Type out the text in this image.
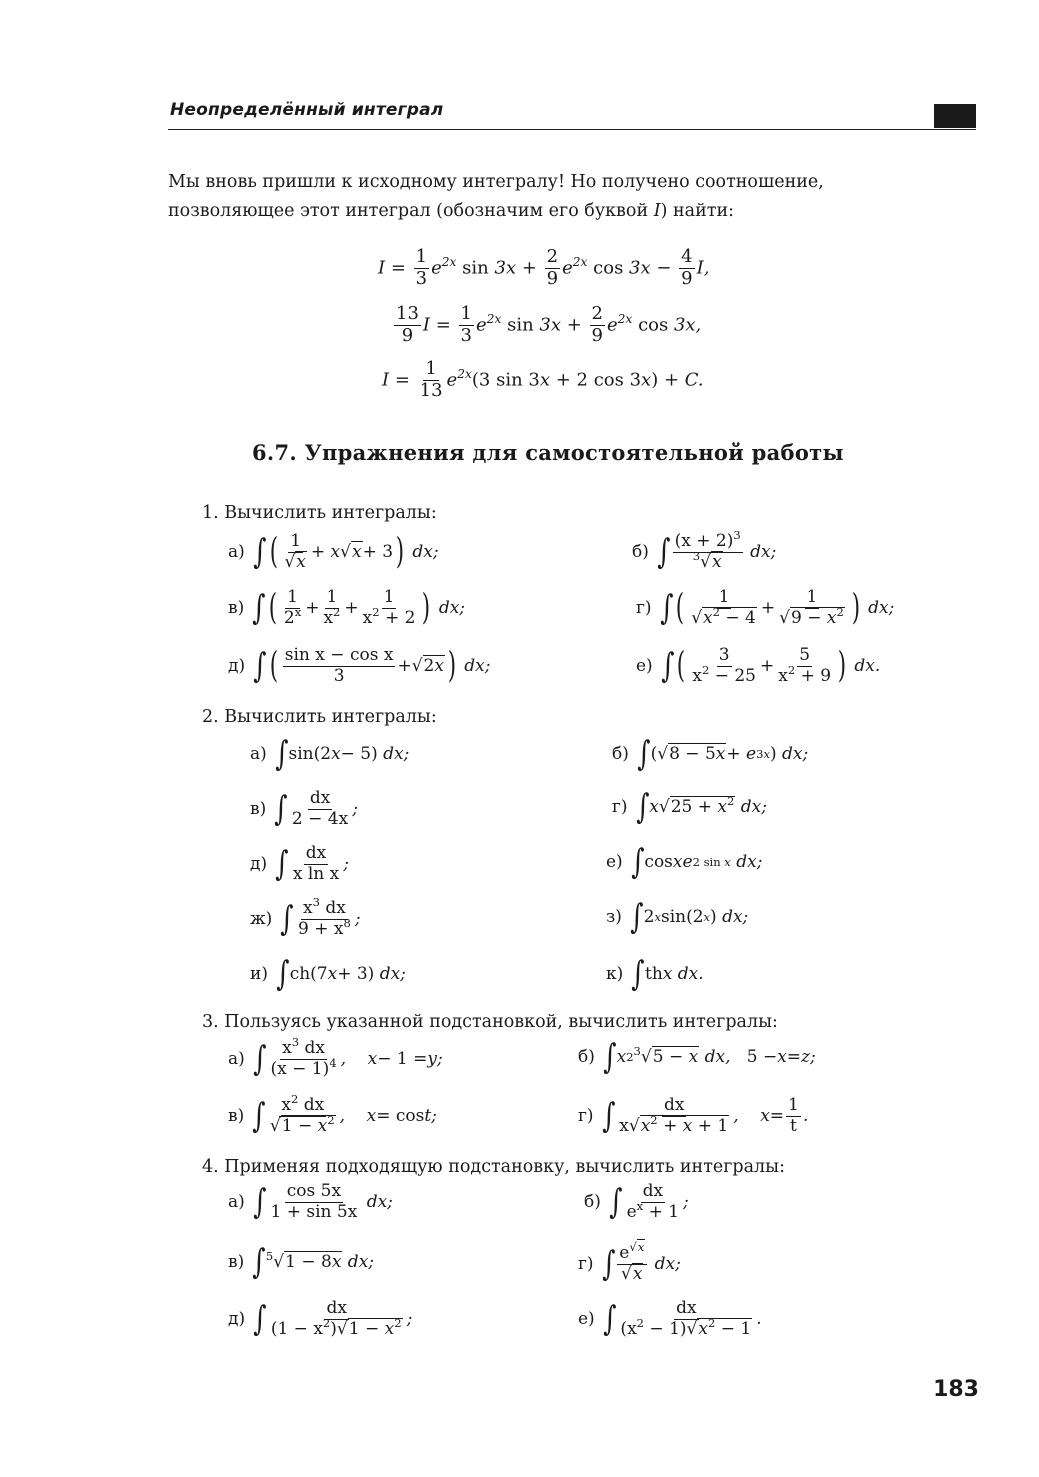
Неопределённый интеграл
Мы вновь пришли к исходному интегралу! Но получено соотношение,
позволяющее этот интеграл (обозначим его буквой I) найти:
$I = \frac{1}{3} e^{2x}$ $\sin 3x + \frac{2}{9} e^{2x}$ $\cos 3x - \frac{4}{9} I$,
$\frac{13}{9}$ $I = \frac{1}{3} e^{2x}$ $\sin 3x + \frac{2}{9} e^{2x}$ cos 3x,
$I = \frac{1}{13} e^{2x}(3$ sin 3x + 2 cos 3x) + C.
6.7. Упражнения для самостоятельной работы
1. Вычислить интегралы:
а) ∫ ( $\frac{1}{√x} + x$ √x + 3 ) dx;	б) ∫ $\frac{(x + 2)^3}{^3√x}$ dx;
в) ∫ ( $\frac{1}{2^x} + \frac{1}{x^2} + \frac{1}{x^2 + 2}$ ) dx;	г) ∫ ( $\frac{1}{√x^2 - 4} + \frac{1}{√9 - x^2}$ ) dx;
д) ∫ ( $\frac{\text{sin x − cos x}}{3} + √2x$ ) dx;	е) ∫ ( $\frac{3}{x^2 - 25} + \frac{5}{x^2 + 9}$ ) dx.
2. Вычислить интегралы:
а) ∫ sin(2 x − 5) dx;	б) ∫ ( √8 − 5x + e 3x ) dx;
в) ∫ $\frac{dx}{2 - 4x}$ ;	г) ∫ x $√25 + x^2$ dx;
д) ∫ $\frac{dx}{\text{x ln x}}$ ;	е) ∫ cos xe 2 sin x dx;
ж) ∫ $\frac{x^3 dx}{9 + x^8}$ ;	з) ∫ 2 x sin(2 x ) dx;
и) ∫ ch(7 x + 3) dx;	к) ∫ th x dx.
3. Пользуясь указанной подстановкой, вычислить интегралы:
а) ∫ $\frac{x^3 dx}{(x - 1)^4}$ ,    x − 1 = y;	б) ∫ x 2 $^3$√5 − x dx, 5 − x = z;
в) ∫ $\frac{x^2 dx}{√1 - x^2}$ ,    x = cos t;	г) ∫ $\frac{dx}{x√x^2 + x + 1}$ ,    $x = \frac{1}{t}$ .
4. Применяя подходящую подстановку, вычислить интегралы:
а) ∫ $\frac{\cos 5x}{1 + \sin 5x}$ dx;	б) ∫ $\frac{dx}{e^x + 1}$ ;
в) ∫ $^5$√1 − 8x dx;	г) ∫ $\frac{e^{√x}}{√x}$ dx;
д) ∫ $\frac{dx}{(1 - x^2)√1 - x^2}$ ;	е) ∫ $\frac{dx}{(x^2 - 1)√x^2 - 1}$ .
183
